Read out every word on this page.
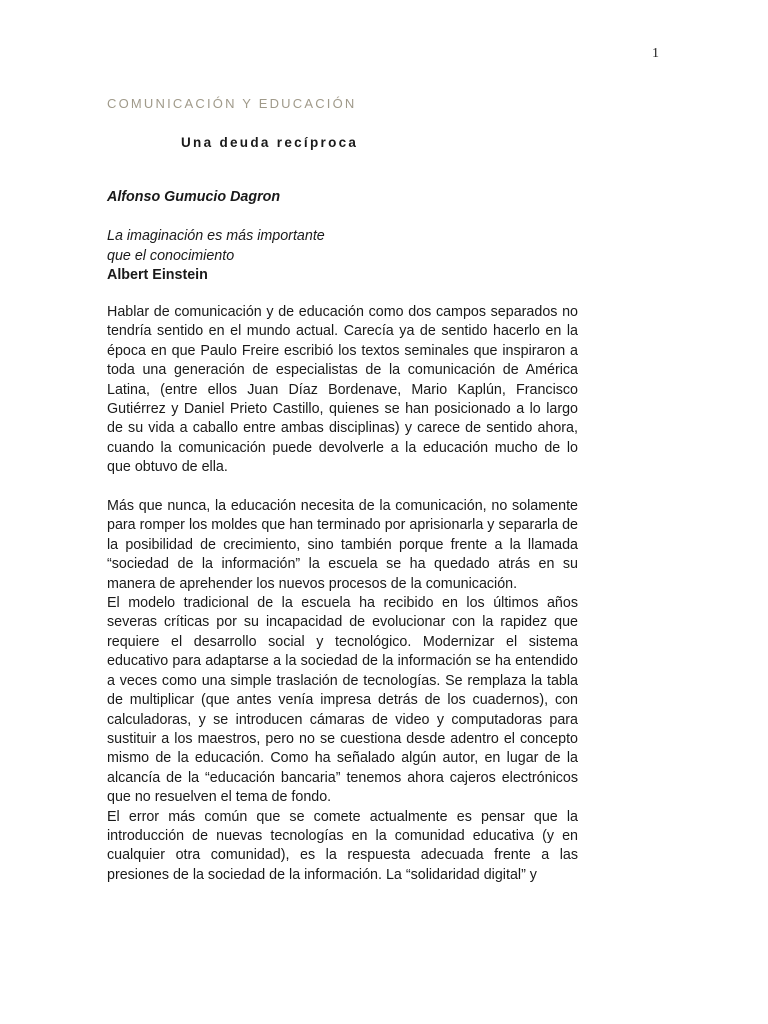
1
COMUNICACIÓN Y EDUCACIÓN
Una deuda recíproca
Alfonso Gumucio Dagron
La imaginación es más importante
que el conocimiento
Albert Einstein

Hablar de comunicación y de educación como dos campos separados no tendría sentido en el mundo actual. Carecía ya de sentido hacerlo en la época en que Paulo Freire escribió los textos seminales que inspiraron a toda una generación de especialistas de la comunicación de América Latina, (entre ellos Juan Díaz Bordenave, Mario Kaplún, Francisco Gutiérrez y Daniel Prieto Castillo, quienes se han posicionado a lo largo de su vida a caballo entre ambas disciplinas) y carece de sentido ahora, cuando la comunicación puede devolverle a la educación mucho de lo que obtuvo de ella.

Más que nunca, la educación necesita de la comunicación, no solamente para romper los moldes que han terminado por aprisionarla y separarla de la posibilidad de crecimiento, sino también porque frente a la llamada “sociedad de la información” la escuela se ha quedado atrás en su manera de aprehender los nuevos procesos de la comunicación.

El modelo tradicional de la escuela ha recibido en los últimos años severas críticas por su incapacidad de evolucionar con la rapidez que requiere el desarrollo social y tecnológico. Modernizar el sistema educativo para adaptarse a la sociedad de la información se ha entendido a veces como una simple traslación de tecnologías. Se remplaza la tabla de multiplicar (que antes venía impresa detrás de los cuadernos), con calculadoras, y se introducen cámaras de video y computadoras para sustituir a los maestros, pero no se cuestiona desde adentro el concepto mismo de la educación. Como ha señalado algún autor, en lugar de la alcancía de la “educación bancaria” tenemos ahora cajeros electrónicos que no resuelven el tema de fondo.

El error más común que se comete actualmente es pensar que la introducción de nuevas tecnologías en la comunidad educativa (y en cualquier otra comunidad), es la respuesta adecuada frente a las presiones de la sociedad de la información. La “solidaridad digital” y
